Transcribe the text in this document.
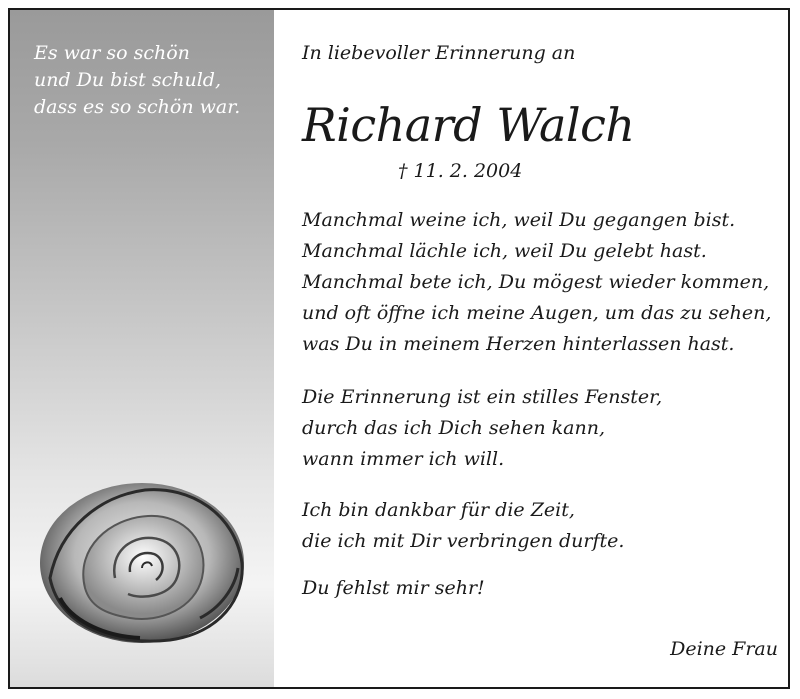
Es war so schön
und Du bist schuld,
dass es so schön war.

In liebevoller Erinnerung an

Richard Walch

† 11. 2. 2004

Manchmal weine ich, weil Du gegangen bist.
Manchmal lächle ich, weil Du gelebt hast.
Manchmal bete ich, Du mögest wieder kommen,
und oft öffne ich meine Augen, um das zu sehen,
was Du in meinem Herzen hinterlassen hast.

Die Erinnerung ist ein stilles Fenster,
durch das ich Dich sehen kann,
wann immer ich will.

Ich bin dankbar für die Zeit,
die ich mit Dir verbringen durfte.

Du fehlst mir sehr!

Deine Frau
